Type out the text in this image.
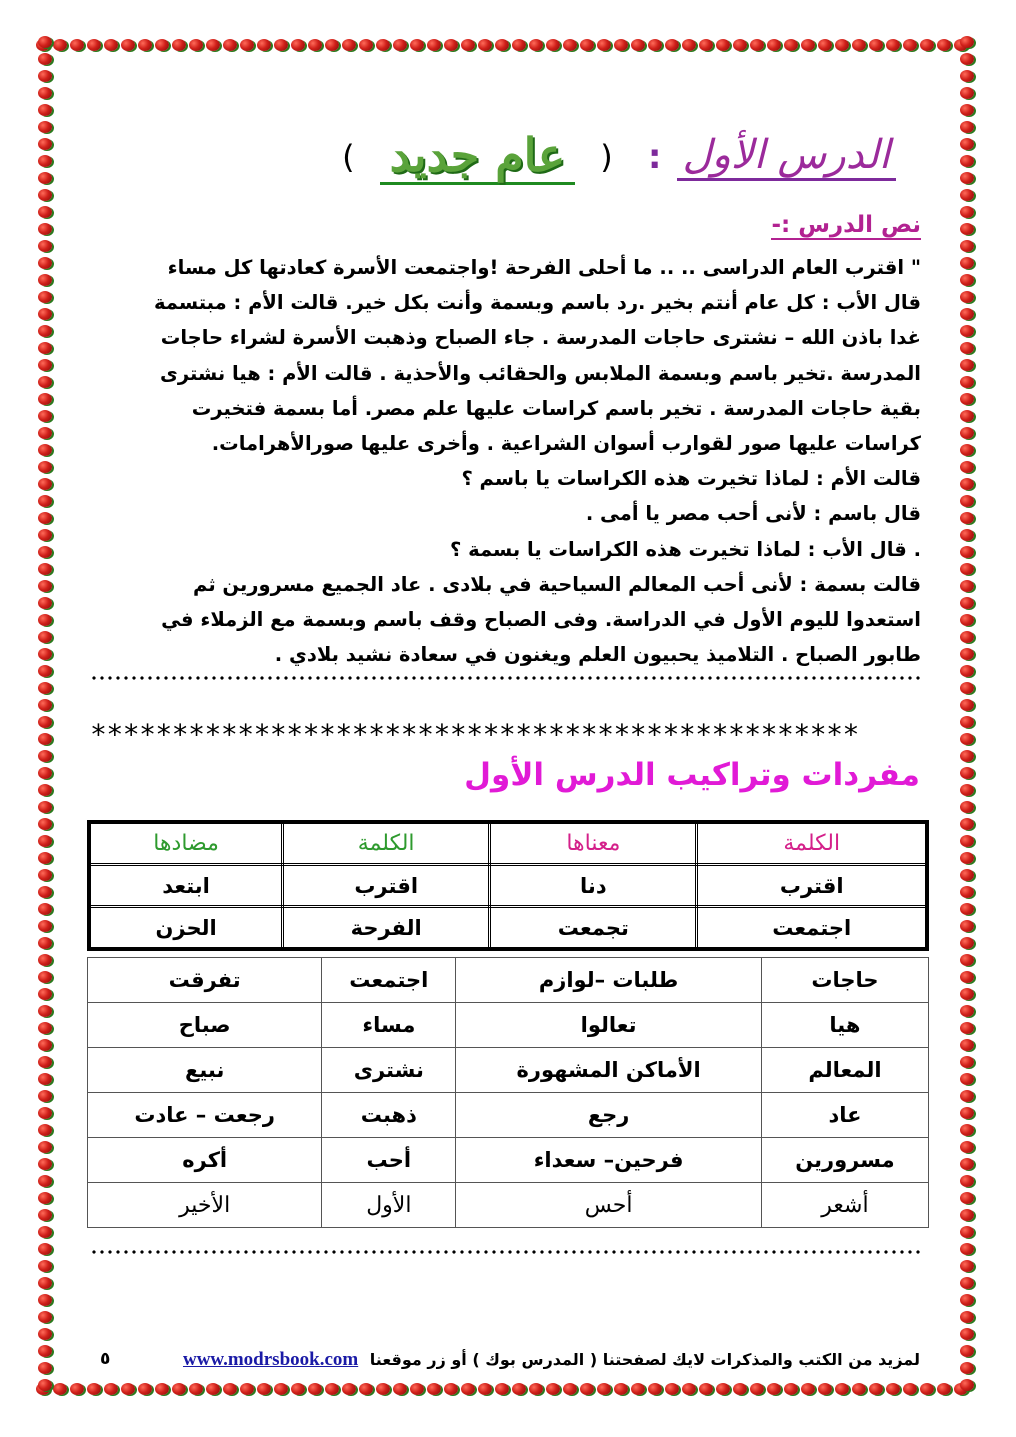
الدرس الأول : ( عام جديد )
نص الدرس :-

" اقترب العام الدراسى .. .. ما أحلى الفرحة !واجتمعت الأسرة كعادتها كل مساء

قال الأب : كل عام أنتم بخير .رد باسم وبسمة وأنت بكل خير. قالت الأم : مبتسمة

غدا باذن الله – نشترى حاجات المدرسة . جاء الصباح وذهبت الأسرة لشراء حاجات

المدرسة .تخير باسم وبسمة الملابس والحقائب والأحذية . قالت الأم : هيا نشترى

بقية حاجات المدرسة . تخير باسم كراسات عليها علم مصر. أما بسمة فتخيرت

كراسات عليها صور لقوارب أسوان الشراعية . وأخرى عليها صورالأهرامات.

قالت الأم : لماذا تخيرت هذه الكراسات يا باسم ؟

قال باسم : لأنى أحب مصر يا أمى .

. قال الأب : لماذا تخيرت هذه الكراسات يا بسمة ؟

قالت بسمة : لأنى أحب المعالم السياحية في بلادى . عاد الجميع مسرورين ثم

استعدوا لليوم الأول في الدراسة. وفى الصباح وقف باسم وبسمة مع الزملاء في

طابور الصباح . التلاميذ يحبيون العلم ويغنون في سعادة نشيد بلادي .

***********************************************
مفردات وتراكيب الدرس الأول
الكلمة	معناها	الكلمة	مضادها
اقترب	دنا	اقترب	ابتعد
اجتمعت	تجمعت	الفرحة	الحزن
حاجات	طلبات –لوازم	اجتمعت	تفرقت
هيا	تعالوا	مساء	صباح
المعالم	الأماكن المشهورة	نشترى	نبيع
عاد	رجع	ذهبت	رجعت – عادت
مسرورين	فرحين– سعداء	أحب	أكره
أشعر	أحس	الأول	الأخير
لمزيد من الكتب والمذكرات لايك لصفحتنا ( المدرس بوك ) أو زر موقعنا www.modrsbook.com
٥
